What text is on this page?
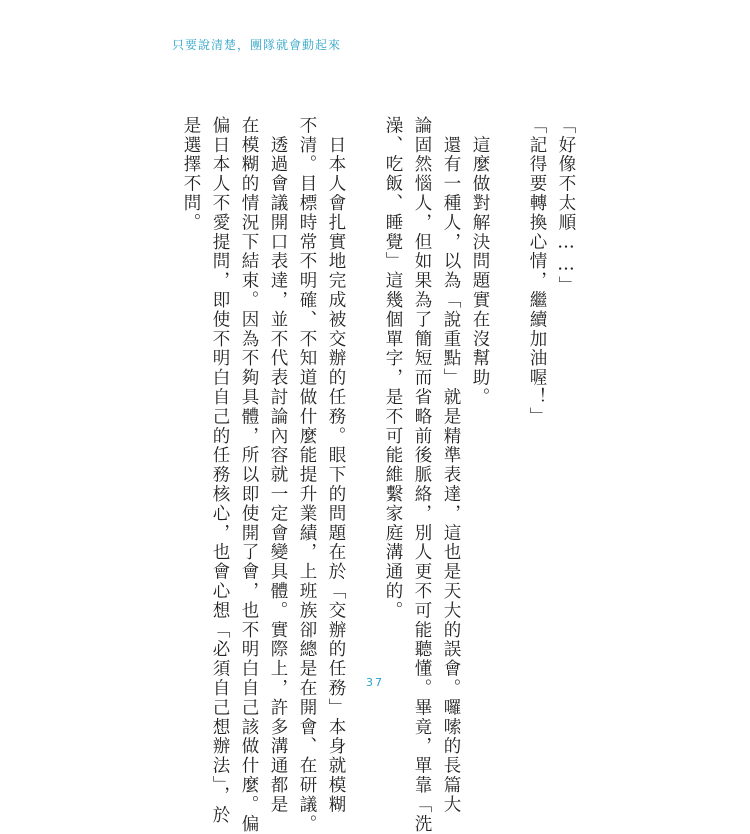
只要說清楚，團隊就會動起來
「好像不太順……」
「記得要轉換心情，繼續加油喔！」
　這麼做對解決問題實在沒幫助。
　還有一種人，以為「說重點」就是精準表達，這也是天大的誤會。囉嗦的長篇大
論固然惱人，但如果為了簡短而省略前後脈絡，別人更不可能聽懂。畢竟，單靠「洗
澡、吃飯、睡覺」這幾個單字，是不可能維繫家庭溝通的。
　日本人會扎實地完成被交辦的任務。眼下的問題在於「交辦的任務」本身就模糊
不清。目標時常不明確、不知道做什麼能提升業績，上班族卻總是在開會、在研議。
　透過會議開口表達，並不代表討論內容就一定會變具體。實際上，許多溝通都是
在模糊的情況下結束。因為不夠具體，所以即使開了會，也不明白自己該做什麼。偏
偏日本人不愛提問，即使不明白自己的任務核心，也會心想「必須自己想辦法」，於
是選擇不問。
37
